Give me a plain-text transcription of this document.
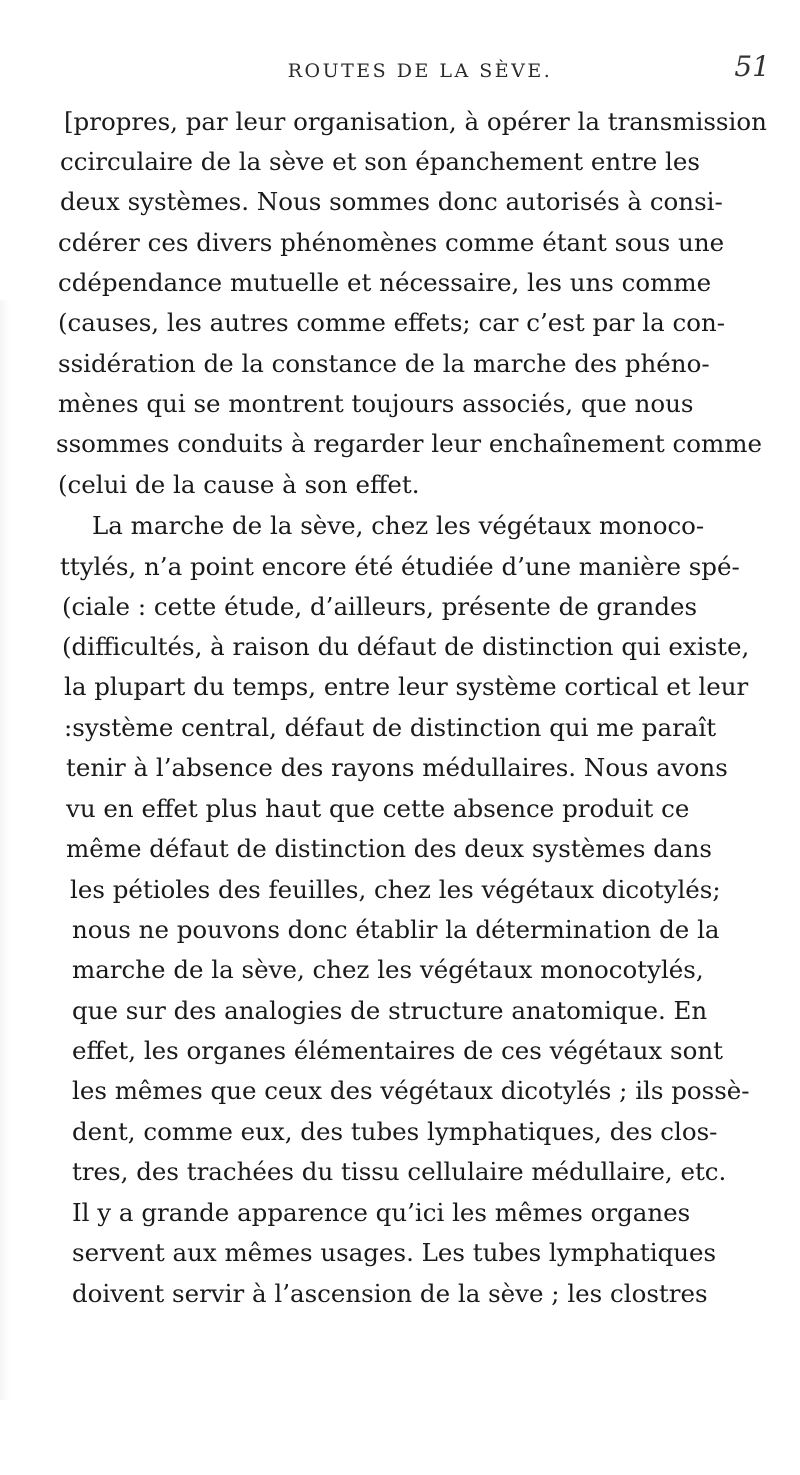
ROUTES DE LA SÈVE.	51
[propres, par leur organisation, à opérer la transmission
ccirculaire de la sève et son épanchement entre les
deux systèmes. Nous sommes donc autorisés à consi-
cdérer ces divers phénomènes comme étant sous une
cdépendance mutuelle et nécessaire, les uns comme
(causes, les autres comme effets; car c’est par la con-
ssidération de la constance de la marche des phéno-
mènes qui se montrent toujours associés, que nous
ssommes conduits à regarder leur enchaînement comme
(celui de la cause à son effet.
La marche de la sève, chez les végétaux monoco-
ttylés, n’a point encore été étudiée d’une manière spé-
(ciale : cette étude, d’ailleurs, présente de grandes
(difficultés, à raison du défaut de distinction qui existe,
la plupart du temps, entre leur système cortical et leur
:système central, défaut de distinction qui me paraît
tenir à l’absence des rayons médullaires. Nous avons
vu en effet plus haut que cette absence produit ce
même défaut de distinction des deux systèmes dans
les pétioles des feuilles, chez les végétaux dicotylés;
nous ne pouvons donc établir la détermination de la
marche de la sève, chez les végétaux monocotylés,
que sur des analogies de structure anatomique. En
effet, les organes élémentaires de ces végétaux sont
les mêmes que ceux des végétaux dicotylés ; ils possè-
dent, comme eux, des tubes lymphatiques, des clos-
tres, des trachées du tissu cellulaire médullaire, etc.
Il y a grande apparence qu’ici les mêmes organes
servent aux mêmes usages. Les tubes lymphatiques
doivent servir à l’ascension de la sève ; les clostres
